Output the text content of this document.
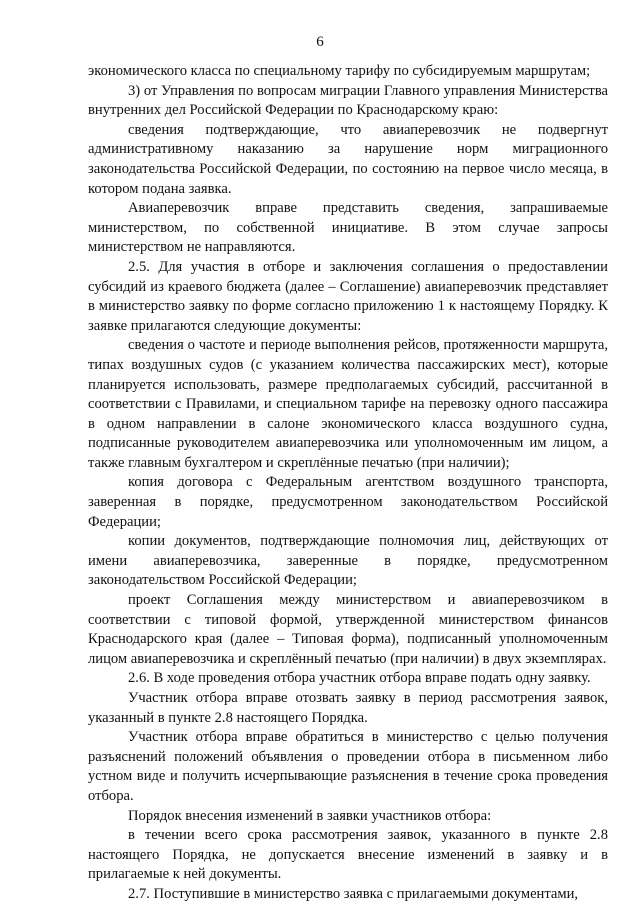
6

экономического класса по специальному тарифу по субсидируемым маршрутам;

3) от Управления по вопросам миграции Главного управления Министерства внутренних дел Российской Федерации по Краснодарскому краю:

сведения подтверждающие, что авиаперевозчик не подвергнут административному наказанию за нарушение норм миграционного законодательства Российской Федерации, по состоянию на первое число месяца, в котором подана заявка.

Авиаперевозчик вправе представить сведения, запрашиваемые министерством, по собственной инициативе. В этом случае запросы министерством не направляются.

2.5. Для участия в отборе и заключения соглашения о предоставлении субсидий из краевого бюджета (далее – Соглашение) авиаперевозчик представляет в министерство заявку по форме согласно приложению 1 к настоящему Порядку. К заявке прилагаются следующие документы:

сведения о частоте и периоде выполнения рейсов, протяженности маршрута, типах воздушных судов (с указанием количества пассажирских мест), которые планируется использовать, размере предполагаемых субсидий, рассчитанной в соответствии с Правилами, и специальном тарифе на перевозку одного пассажира в одном направлении в салоне экономического класса воздушного судна, подписанные руководителем авиаперевозчика или уполномоченным им лицом, а также главным бухгалтером и скреплённые печатью (при наличии);

копия договора с Федеральным агентством воздушного транспорта, заверенная в порядке, предусмотренном законодательством Российской Федерации;

копии документов, подтверждающие полномочия лиц, действующих от имени авиаперевозчика, заверенные в порядке, предусмотренном законодательством Российской Федерации;

проект Соглашения между министерством и авиаперевозчиком в соответствии с типовой формой, утвержденной министерством финансов Краснодарского края (далее – Типовая форма), подписанный уполномоченным лицом авиаперевозчика и скреплённый печатью (при наличии) в двух экземплярах.

2.6. В ходе проведения отбора участник отбора вправе подать одну заявку.

Участник отбора вправе отозвать заявку в период рассмотрения заявок, указанный в пункте 2.8 настоящего Порядка.

Участник отбора вправе обратиться в министерство с целью получения разъяснений положений объявления о проведении отбора в письменном либо устном виде и получить исчерпывающие разъяснения в течение срока проведения отбора.

Порядок внесения изменений в заявки участников отбора:

в течении всего срока рассмотрения заявок, указанного в пункте 2.8 настоящего Порядка, не допускается внесение изменений в заявку и в прилагаемые к ней документы.

2.7. Поступившие в министерство заявка с прилагаемыми документами,
